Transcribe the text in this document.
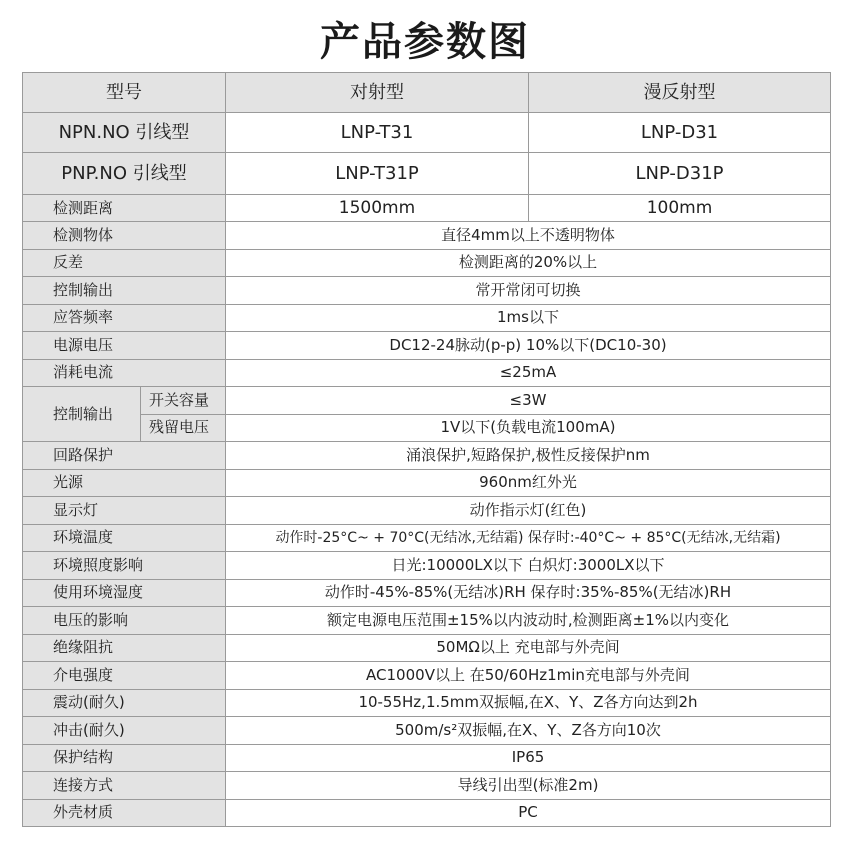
产品参数图
型号		对射型	漫反射型
NPN.NO 引线型		LNP-T31	LNP-D31
PNP.NO 引线型		LNP-T31P	LNP-D31P
检测距离		1500mm	100mm
检测物体		直径4mm以上不透明物体	
反差		检测距离的20%以上	
控制输出		常开常闭可切换	
应答频率		1ms以下	
电源电压		DC12-24脉动(p-p) 10%以下(DC10-30)	
消耗电流		≤25mA	
控制输出	开关容量	≤3W	
	残留电压	1V以下(负载电流100mA)	
回路保护		涌浪保护,短路保护,极性反接保护nm	
光源		960nm红外光	
显示灯		动作指示灯(红色)	
环境温度		动作时-25°C~ + 70°C(无结冰,无结霜) 保存时:-40°C~ + 85°C(无结冰,无结霜)	
环境照度影响		日光:10000LX以下 白炽灯:3000LX以下	
使用环境湿度		动作时-45%-85%(无结冰)RH 保存时:35%-85%(无结冰)RH	
电压的影响		额定电源电压范围±15%以内波动时,检测距离±1%以内变化	
绝缘阻抗		50MΩ以上 充电部与外壳间	
介电强度		AC1000V以上 在50/60Hz1min充电部与外壳间	
震动(耐久)		10-55Hz,1.5mm双振幅,在X、Y、Z各方向达到2h	
冲击(耐久)		500m/s²双振幅,在X、Y、Z各方向10次	
保护结构		IP65	
连接方式		导线引出型(标准2m)	
外壳材质		PC	
